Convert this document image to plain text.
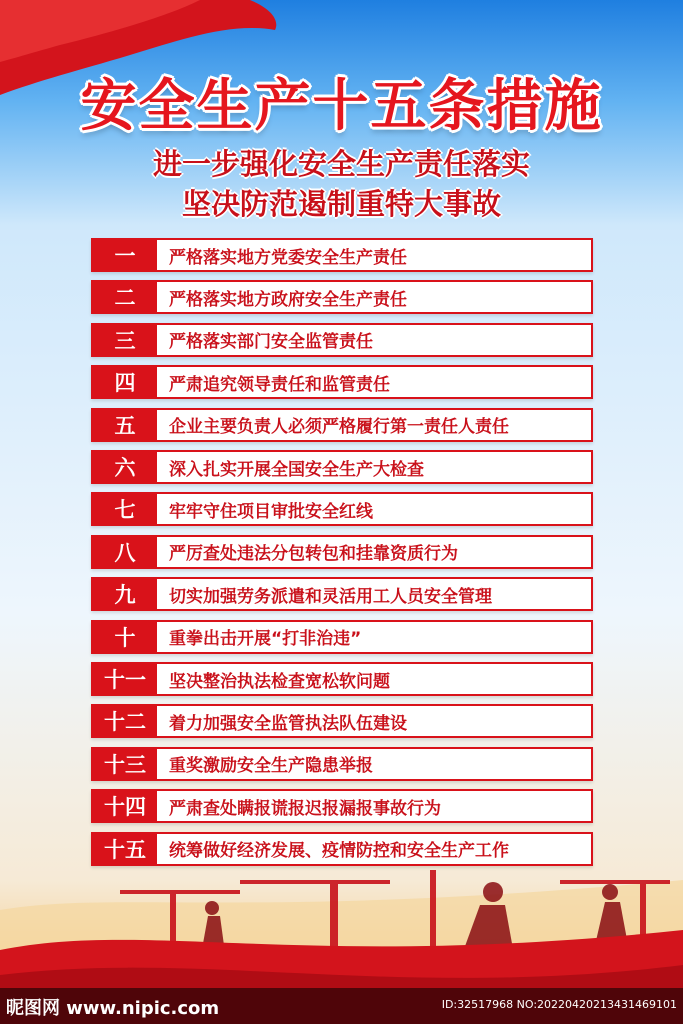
安全生产十五条措施
进一步强化安全生产责任落实
坚决防范遏制重特大事故
一	严格落实地方党委安全生产责任
二	严格落实地方政府安全生产责任
三	严格落实部门安全监管责任
四	严肃追究领导责任和监管责任
五	企业主要负责人必须严格履行第一责任人责任
六	深入扎实开展全国安全生产大检查
七	牢牢守住项目审批安全红线
八	严厉查处违法分包转包和挂靠资质行为
九	切实加强劳务派遣和灵活用工人员安全管理
十	重拳出击开展“打非治违”
十一	坚决整治执法检查宽松软问题
十二	着力加强安全监管执法队伍建设
十三	重奖激励安全生产隐患举报
十四	严肃查处瞒报谎报迟报漏报事故行为
十五	统筹做好经济发展、疫情防控和安全生产工作
昵图网 www.nipic.com	ID:32517968 NO:20220420213431469101
